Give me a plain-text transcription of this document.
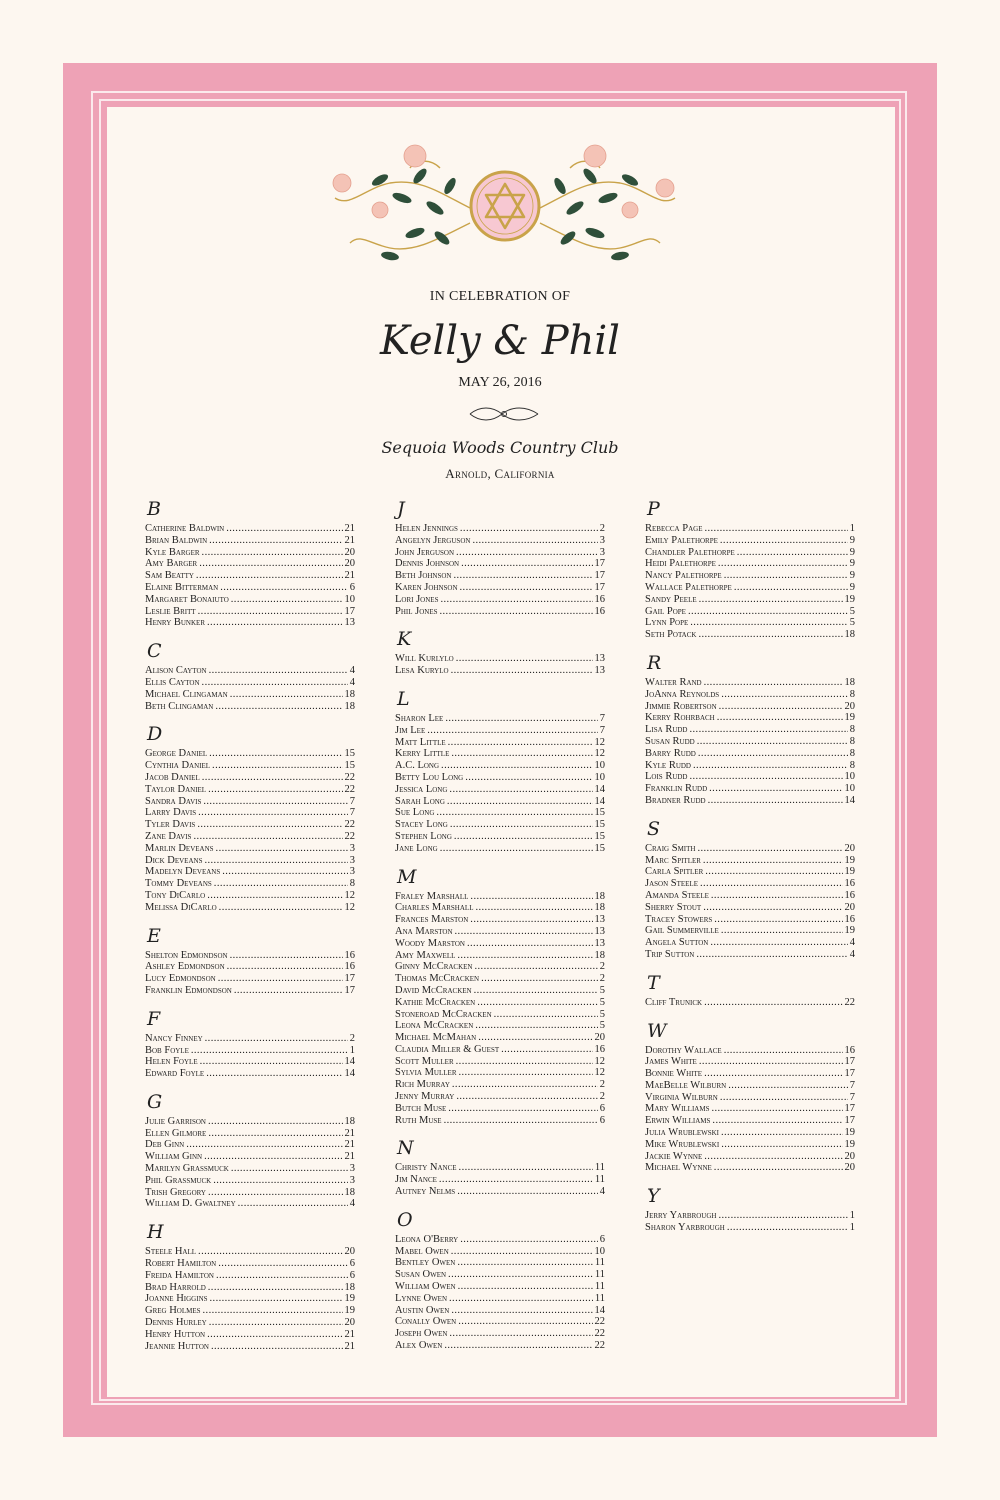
IN CELEBRATION OF
Kelly & Phil
MAY 26, 2016
Sequoia Woods Country Club
Arnold, California
B
Catherine Baldwin .....	21
Brian Baldwin .....	21
Kyle Barger .....	20
Amy Barger .....	20
Sam Beatty .....	21
Elaine Bitterman .....	6
Margaret Bonaiuto .....	10
Leslie Britt .....	17
Henry Bunker .....	13
C
Alison Cayton .....	4
Ellis Cayton .....	4
Michael Clingaman .....	18
Beth Clingaman .....	18
D
George Daniel .....	15
Cynthia Daniel .....	15
Jacob Daniel .....	22
Taylor Daniel .....	22
Sandra Davis .....	7
Larry Davis .....	7
Tyler Davis .....	22
Zane Davis .....	22
Marlin Deveans .....	3
Dick Deveans .....	3
Madelyn Deveans .....	3
Tommy Deveans .....	8
Tony DiCarlo .....	12
Melissa DiCarlo .....	12
E
Shelton Edmondson .....	16
Ashley Edmondson .....	16
Lucy Edmondson .....	17
Franklin Edmondson .....	17
F
Nancy Finney .....	2
Bob Foyle .....	1
Helen Foyle .....	14
Edward Foyle .....	14
G
Julie Garrison .....	18
Ellen Gilmore .....	21
Deb Ginn .....	21
William Ginn .....	21
Marilyn Grassmuck .....	3
Phil Grassmuck .....	3
Trish Gregory .....	18
William D. Gwaltney .....	4
H
Steele Hall .....	20
Robert Hamilton .....	6
Freida Hamilton .....	6
Brad Harrold .....	18
Joanne Higgins .....	19
Greg Holmes .....	19
Dennis Hurley .....	20
Henry Hutton .....	21
Jeannie Hutton .....	21
J
Helen Jennings .....	2
Angelyn Jerguson .....	3
John Jerguson .....	3
Dennis Johnson .....	17
Beth Johnson .....	17
Karen Johnson .....	17
Lori Jones .....	16
Phil Jones .....	16
K
Will Kurlylo .....	13
Lesa Kurylo .....	13
L
Sharon Lee .....	7
Jim Lee .....	7
Matt Little .....	12
Kerry Little .....	12
A.C. Long .....	10
Betty Lou Long .....	10
Jessica Long .....	14
Sarah Long .....	14
Sue Long .....	15
Stacey Long .....	15
Stephen Long .....	15
Jane Long .....	15
M
Fraley Marshall .....	18
Charles Marshall .....	18
Frances Marston .....	13
Ana Marston .....	13
Woody Marston .....	13
Amy Maxwell .....	18
Ginny McCracken .....	2
Thomas McCracken .....	2
David McCracken .....	5
Kathie McCracken .....	5
Stoneroad McCracken .....	5
Leona McCracken .....	5
Michael McMahan .....	20
Claudia Miller & Guest .....	16
Scott Muller .....	12
Sylvia Muller .....	12
Rich Murray .....	2
Jenny Murray .....	2
Butch Muse .....	6
Ruth Muse .....	6
N
Christy Nance .....	11
Jim Nance .....	11
Autney Nelms .....	4
O
Leona O'Berry .....	6
Mabel Owen .....	10
Bentley Owen .....	11
Susan Owen .....	11
William Owen .....	11
Lynne Owen .....	11
Austin Owen .....	14
Conally Owen .....	22
Joseph Owen .....	22
Alex Owen .....	22
P
Rebecca Page .....	1
Emily Palethorpe .....	9
Chandler Palethorpe .....	9
Heidi Palethorpe .....	9
Nancy Palethorpe .....	9
Wallace Palethorpe .....	9
Sandy Peele .....	19
Gail Pope .....	5
Lynn Pope .....	5
Seth Potack .....	18
R
Walter Rand .....	18
JoAnna Reynolds .....	8
Jimmie Robertson .....	20
Kerry Rohrbach .....	19
Lisa Rudd .....	8
Susan Rudd .....	8
Barry Rudd .....	8
Kyle Rudd .....	8
Lois Rudd .....	10
Franklin Rudd .....	10
Bradner Rudd .....	14
S
Craig Smith .....	20
Marc Spitler .....	19
Carla Spitler .....	19
Jason Steele .....	16
Amanda Steele .....	16
Sherry Stout .....	20
Tracey Stowers .....	16
Gail Summerville .....	19
Angela Sutton .....	4
Trip Sutton .....	4
T
Cliff Trunick .....	22
W
Dorothy Wallace .....	16
James White .....	17
Bonnie White .....	17
MaeBelle Wilburn .....	7
Virginia Wilburn .....	7
Mary Williams .....	17
Erwin Williams .....	17
Julia Wrublewski .....	19
Mike Wrublewski .....	19
Jackie Wynne .....	20
Michael Wynne .....	20
Y
Jerry Yarbrough .....	1
Sharon Yarbrough .....	1
